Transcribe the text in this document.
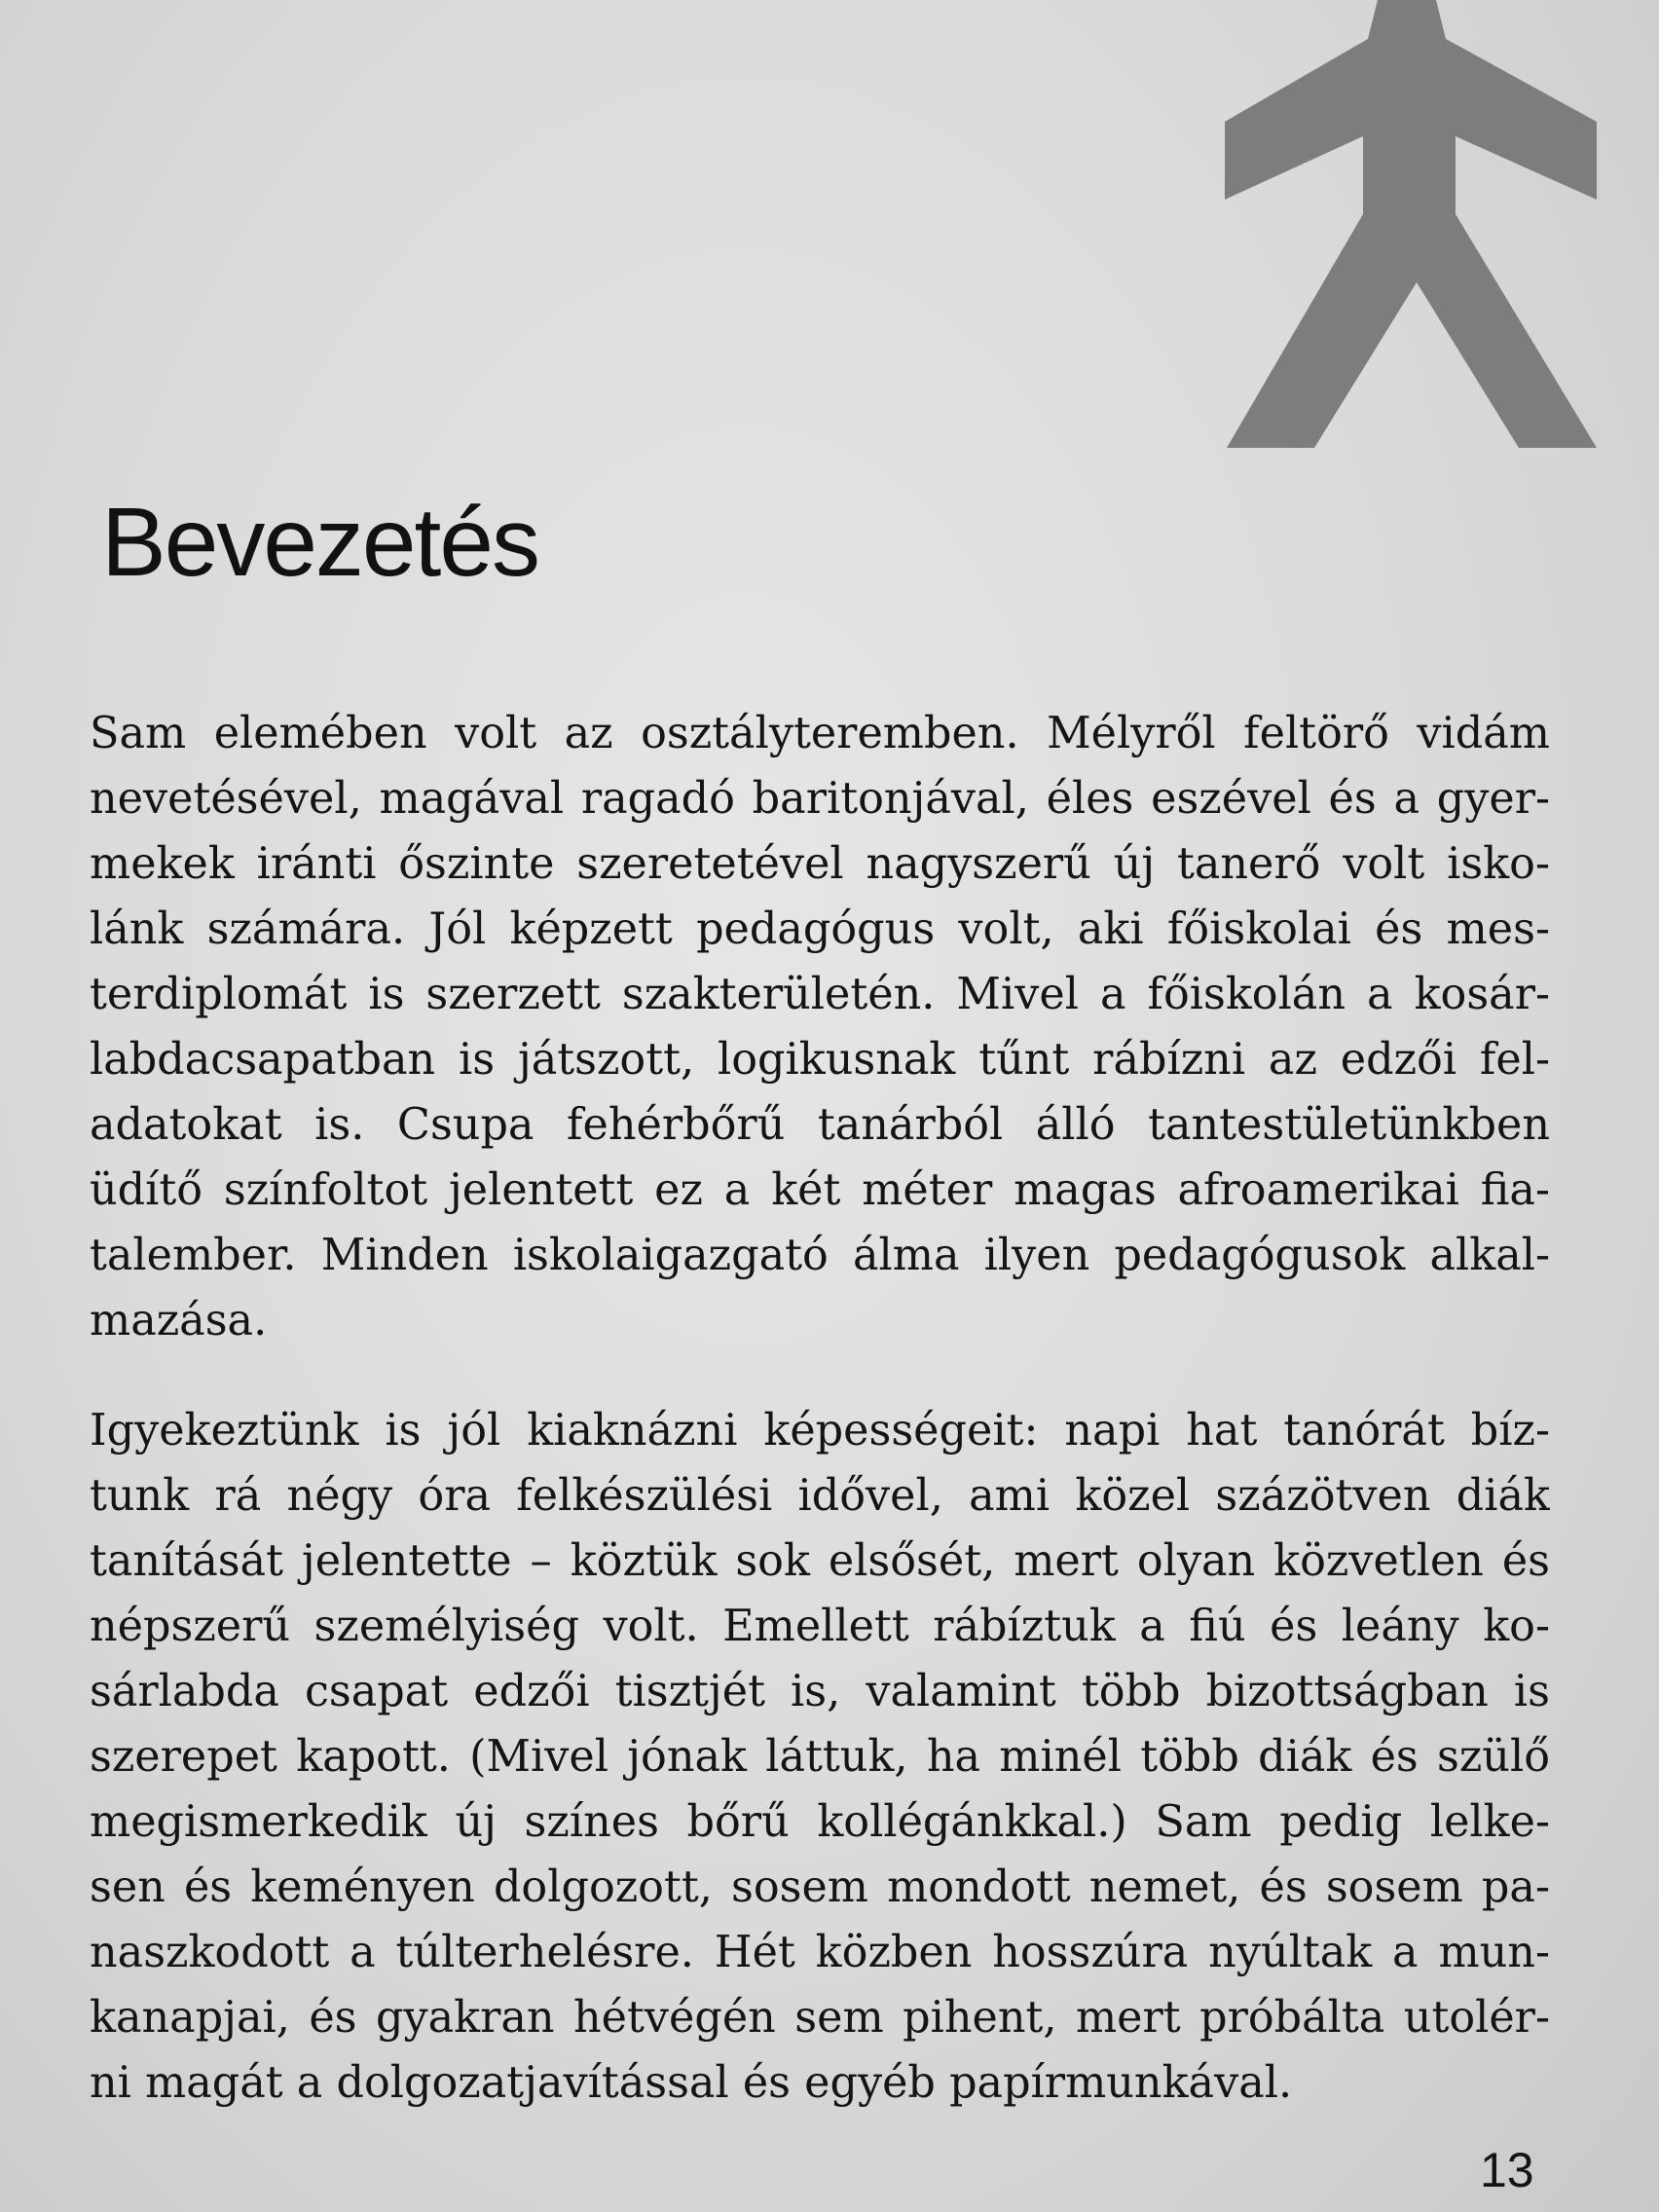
Bevezetés

Sam elemében volt az osztályteremben. Mélyről feltörő vidám
nevetésével, magával ragadó baritonjával, éles eszével és a gyer-
mekek iránti őszinte szeretetével nagyszerű új tanerő volt isko-
lánk számára. Jól képzett pedagógus volt, aki főiskolai és mes-
terdiplomát is szerzett szakterületén. Mivel a főiskolán a kosár-
labdacsapatban is játszott, logikusnak tűnt rábízni az edzői fel-
adatokat is. Csupa fehérbőrű tanárból álló tantestületünkben
üdítő színfoltot jelentett ez a két méter magas afroamerikai fia-
talember. Minden iskolaigazgató álma ilyen pedagógusok alkal-
mazása.

Igyekeztünk is jól kiaknázni képességeit: napi hat tanórát bíz-
tunk rá négy óra felkészülési idővel, ami közel százötven diák
tanítását jelentette – köztük sok elsősét, mert olyan közvetlen és
népszerű személyiség volt. Emellett rábíztuk a fiú és leány ko-
sárlabda csapat edzői tisztjét is, valamint több bizottságban is
szerepet kapott. (Mivel jónak láttuk, ha minél több diák és szülő
megismerkedik új színes bőrű kollégánkkal.) Sam pedig lelke-
sen és keményen dolgozott, sosem mondott nemet, és sosem pa-
naszkodott a túlterhelésre. Hét közben hosszúra nyúltak a mun-
kanapjai, és gyakran hétvégén sem pihent, mert próbálta utolér-
ni magát a dolgozatjavítással és egyéb papírmunkával.

13
